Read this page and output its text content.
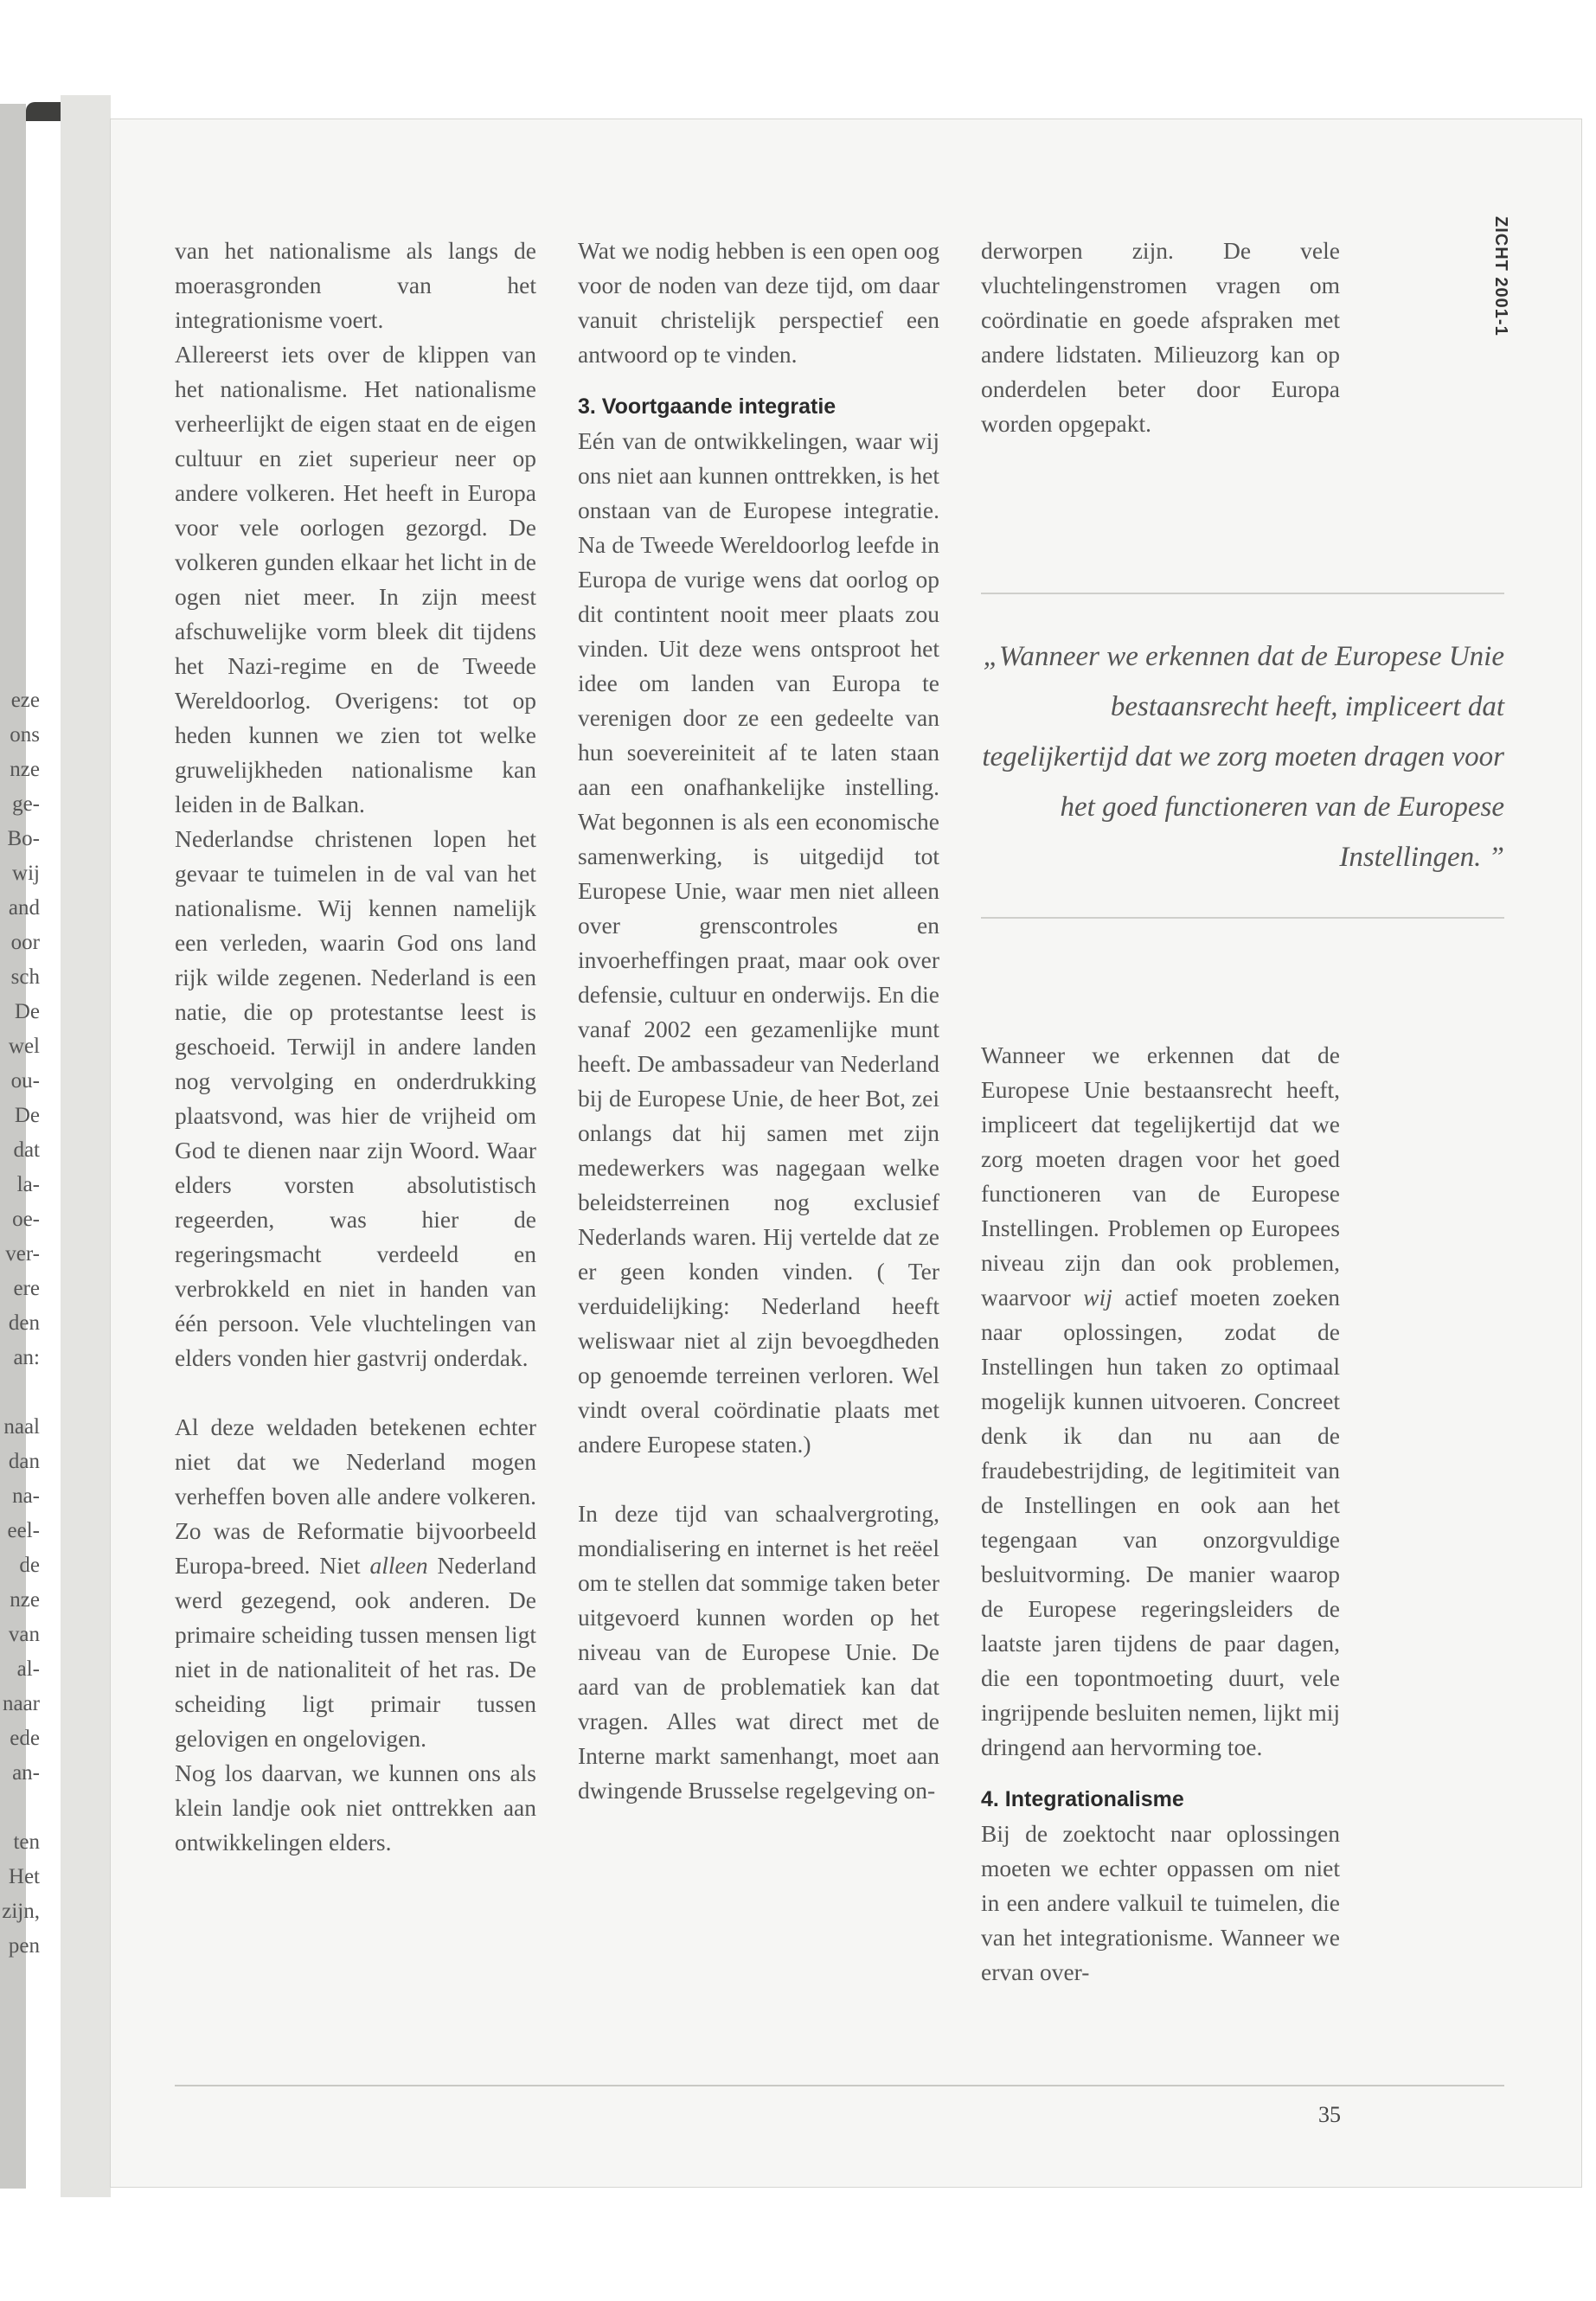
eze
ons
nze
ge-
Bo-
wij
and
oor
sch
De
wel
ou-
De
dat
la-
oe-
ver-
ere
den
an:
naal
dan
na-
eel-
de
nze
van
al-
naar
ede
an-
ten
Het
zijn,
pen
ZICHT 2001-1

van het nationalisme als langs de moerasgronden van het integrationisme voert.

Allereerst iets over de klippen van het nationalisme. Het nationalisme verheerlijkt de eigen staat en de eigen cultuur en ziet superieur neer op andere volkeren. Het heeft in Europa voor vele oorlogen gezorgd. De volkeren gunden elkaar het licht in de ogen niet meer. In zijn meest afschuwelijke vorm bleek dit tijdens het Nazi-regime en de Tweede Wereldoorlog. Overigens: tot op heden kunnen we zien tot welke gruwelijkheden nationalisme kan leiden in de Balkan.

Nederlandse christenen lopen het gevaar te tuimelen in de val van het nationalisme. Wij kennen namelijk een verleden, waarin God ons land rijk wilde zegenen. Nederland is een natie, die op protestantse leest is geschoeid. Terwijl in andere landen nog vervolging en onderdrukking plaatsvond, was hier de vrijheid om God te dienen naar zijn Woord. Waar elders vorsten absolutistisch regeerden, was hier de regeringsmacht verdeeld en verbrokkeld en niet in handen van één persoon. Vele vluchtelingen van elders vonden hier gastvrij onderdak.

Al deze weldaden betekenen echter niet dat we Nederland mogen verheffen boven alle andere volkeren. Zo was de Reformatie bijvoorbeeld Europa-breed. Niet alleen Nederland werd gezegend, ook anderen. De primaire scheiding tussen mensen ligt niet in de nationaliteit of het ras. De scheiding ligt primair tussen gelovigen en ongelovigen.

Nog los daarvan, we kunnen ons als klein landje ook niet onttrekken aan ontwikkelingen elders.

Wat we nodig hebben is een open oog voor de noden van deze tijd, om daar vanuit christelijk perspectief een antwoord op te vinden.

3. Voortgaande integratie

Eén van de ontwikkelingen, waar wij ons niet aan kunnen onttrekken, is het onstaan van de Europese integratie. Na de Tweede Wereldoorlog leefde in Europa de vurige wens dat oorlog op dit contintent nooit meer plaats zou vinden. Uit deze wens ontsproot het idee om landen van Europa te verenigen door ze een gedeelte van hun soevereiniteit af te laten staan aan een onafhankelijke instelling. Wat begonnen is als een economische samenwerking, is uitgedijd tot Europese Unie, waar men niet alleen over grenscontroles en invoerheffingen praat, maar ook over defensie, cultuur en onderwijs. En die vanaf 2002 een gezamenlijke munt heeft. De ambassadeur van Nederland bij de Europese Unie, de heer Bot, zei onlangs dat hij samen met zijn medewerkers was nagegaan welke beleidsterreinen nog exclusief Nederlands waren. Hij vertelde dat ze er geen konden vinden. ( Ter verduidelijking: Nederland heeft weliswaar niet al zijn bevoegdheden op genoemde terreinen verloren. Wel vindt overal coördinatie plaats met andere Europese staten.)

In deze tijd van schaalvergroting, mondialisering en internet is het reëel om te stellen dat sommige taken beter uitgevoerd kunnen worden op het niveau van de Europese Unie. De aard van de problematiek kan dat vragen. Alles wat direct met de Interne markt samenhangt, moet aan dwingende Brusselse regelgeving on-

derworpen zijn. De vele vluchtelingenstromen vragen om coördinatie en goede afspraken met andere lidstaten. Milieuzorg kan op onderdelen beter door Europa worden opgepakt.

„Wanneer we erkennen dat de Europese Unie bestaansrecht heeft, impliceert dat tegelijkertijd dat we zorg moeten dragen voor het goed functioneren van de Europese Instellingen. ”

Wanneer we erkennen dat de Europese Unie bestaansrecht heeft, impliceert dat tegelijkertijd dat we zorg moeten dragen voor het goed functioneren van de Europese Instellingen. Problemen op Europees niveau zijn dan ook problemen, waarvoor wij actief moeten zoeken naar oplossingen, zodat de Instellingen hun taken zo optimaal mogelijk kunnen uitvoeren. Concreet denk ik dan nu aan de fraudebestrijding, de legitimiteit van de Instellingen en ook aan het tegengaan van onzorgvuldige besluitvorming. De manier waarop de Europese regeringsleiders de laatste jaren tijdens de paar dagen, die een topontmoeting duurt, vele ingrijpende besluiten nemen, lijkt mij dringend aan hervorming toe.

4. Integrationalisme

Bij de zoektocht naar oplossingen moeten we echter oppassen om niet in een andere valkuil te tuimelen, die van het integrationisme. Wanneer we ervan over-

35
